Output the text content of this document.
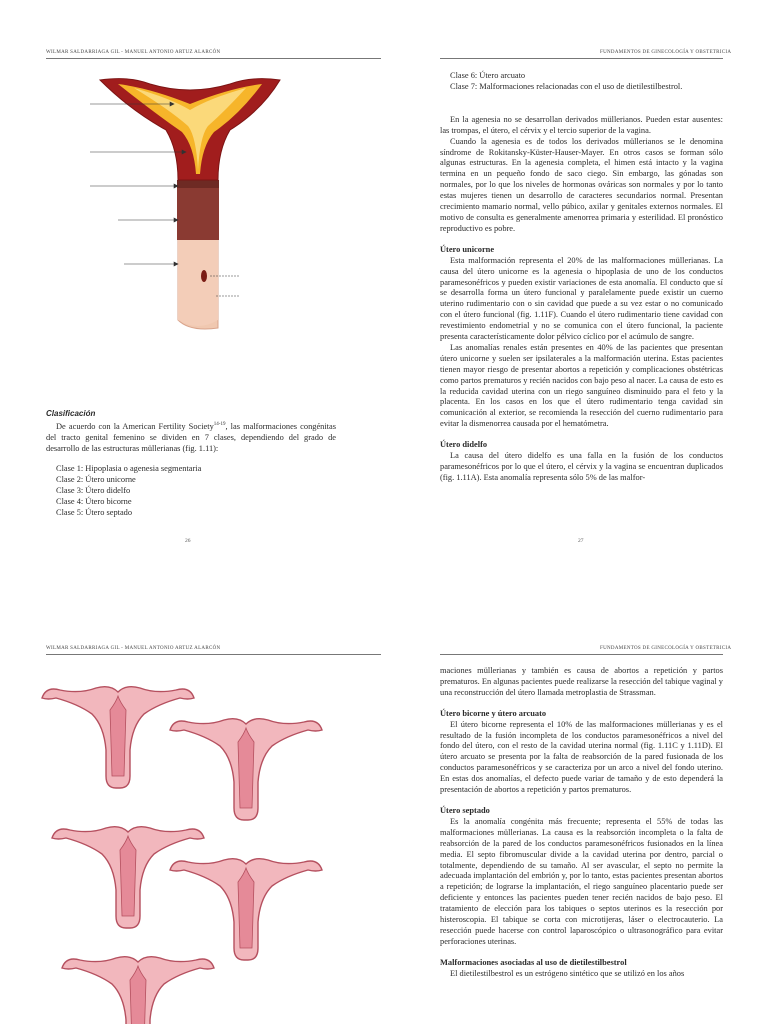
WILMAR SALDARRIAGA GIL - MANUEL ANTONIO ARTUZ ALARCÓN
Clasificación

De acuerdo con la American Fertility Society$^{14-19}$, las malformaciones congénitas del tracto genital femenino se dividen en 7 clases, dependiendo del grado de desarrollo de las estructuras müllerianas (fig. 1.11):

Clase 1: Hipoplasia o agenesia segmentaria
Clase 2: Útero unicorne
Clase 3: Útero didelfo
Clase 4: Útero bicorne
Clase 5: Útero septado
26
FUNDAMENTOS DE GINECOLOGÍA Y OBSTETRICIA
Clase 6: Útero arcuato
Clase 7: Malformaciones relacionadas con el uso de dietilestilbestrol.

En la agenesia no se desarrollan derivados müllerianos. Pueden estar ausentes: las trompas, el útero, el cérvix y el tercio superior de la vagina.

Cuando la agenesia es de todos los derivados müllerianos se le denomina síndrome de Rokitansky-Küster-Hauser-Mayer. En otros casos se forman sólo algunas estructuras. En la agenesia completa, el himen está intacto y la vagina termina en un pequeño fondo de saco ciego. Sin embargo, las gónadas son normales, por lo que los niveles de hormonas ováricas son normales y por lo tanto estas mujeres tienen un desarrollo de caracteres secundarios normal. Presentan crecimiento mamario normal, vello púbico, axilar y genitales externos normales. El motivo de consulta es generalmente amenorrea primaria y esterilidad. El pronóstico reproductivo es pobre.

Útero unicorne

Esta malformación representa el 20% de las malformaciones müllerianas. La causa del útero unicorne es la agenesia o hipoplasia de uno de los conductos paramesonéfricos y pueden existir variaciones de esta anomalía. El conducto que sí se desarrolla forma un útero funcional y paralelamente puede existir un cuerno uterino rudimentario con o sin cavidad que puede a su vez estar o no comunicado con el útero funcional (fig. 1.11F). Cuando el útero rudimentario tiene cavidad con revestimiento endometrial y no se comunica con el útero funcional, la paciente presenta característicamente dolor pélvico cíclico por el acúmulo de sangre.

Las anomalías renales están presentes en 40% de las pacientes que presentan útero unicorne y suelen ser ipsilaterales a la malformación uterina. Estas pacientes tienen mayor riesgo de presentar abortos a repetición y complicaciones obstétricas como partos prematuros y recién nacidos con bajo peso al nacer. La causa de esto es la reducida cavidad uterina con un riego sanguíneo disminuido para el feto y la placenta. En los casos en los que el útero rudimentario tenga cavidad sin comunicación al exterior, se recomienda la resección del cuerno rudimentario para evitar la dismenorrea causada por el hematómetra.

Útero didelfo

La causa del útero didelfo es una falla en la fusión de los conductos paramesonéfricos por lo que el útero, el cérvix y la vagina se encuentran duplicados (fig. 1.11A). Esta anomalía representa sólo 5% de las malfor-

27
WILMAR SALDARRIAGA GIL - MANUEL ANTONIO ARTUZ ALARCÓN	FUNDAMENTOS DE GINECOLOGÍA Y OBSTETRICIA

maciones müllerianas y también es causa de abortos a repetición y partos prematuros. En algunas pacientes puede realizarse la resección del tabique vaginal y una reconstrucción del útero llamada metroplastia de Strassman.

Útero bicorne y útero arcuato

El útero bicorne representa el 10% de las malformaciones müllerianas y es el resultado de la fusión incompleta de los conductos paramesonéfricos a nivel del fondo del útero, con el resto de la cavidad uterina normal (fig. 1.11C y 1.11D). El útero arcuato se presenta por la falta de reabsorción de la pared fusionada de los conductos paramesonéfricos y se caracteriza por un arco a nivel del fondo uterino. En estas dos anomalías, el defecto puede variar de tamaño y de esto dependerá la presentación de abortos a repetición y partos prematuros.

Útero septado

Es la anomalía congénita más frecuente; representa el 55% de todas las malformaciones müllerianas. La causa es la reabsorción incompleta o la falta de reabsorción de la pared de los conductos paramesonéfricos fusionados en la línea media. El septo fibromuscular divide a la cavidad uterina por dentro, parcial o totalmente, dependiendo de su tamaño. Al ser avascular, el septo no permite la adecuada implantación del embrión y, por lo tanto, estas pacientes presentan abortos a repetición; de lograrse la implantación, el riego sanguíneo placentario puede ser deficiente y entonces las pacientes pueden tener recién nacidos de bajo peso. El tratamiento de elección para los tabiques o septos uterinos es la resección por histeroscopia. El tabique se corta con microtijeras, láser o electrocauterio. La resección puede hacerse con control laparoscópico o ultrasonográfico para evitar perforaciones uterinas.

Malformaciones asociadas al uso de dietilestilbestrol

El dietilestilbestrol es un estrógeno sintético que se utilizó en los años
